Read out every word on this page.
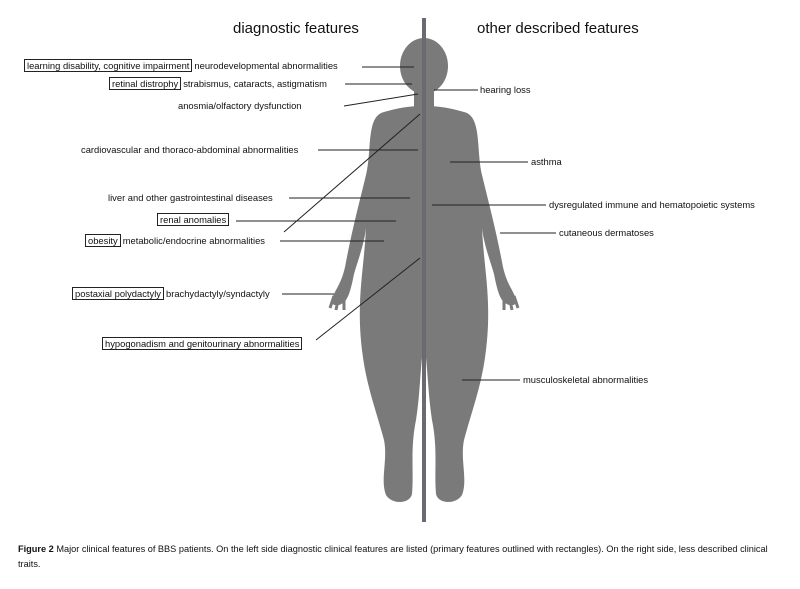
diagnostic features	other described features
learning disability, cognitive impairment neurodevelopmental abnormalities
retinal distrophy strabismus, cataracts, astigmatism
anosmia/olfactory dysfunction
cardiovascular and thoraco-abdominal abnormalities
liver and other gastrointestinal diseases
renal anomalies
obesity metabolic/endocrine abnormalities
postaxial polydactyly brachydactyly/syndactyly
hypogonadism and genitourinary abnormalities
hearing loss
asthma
dysregulated immune and hematopoietic systems
cutaneous dermatoses
musculoskeletal abnormalities
Figure 2 Major clinical features of BBS patients. On the left side diagnostic clinical features are listed (primary features outlined with rectangles). On the right side, less described clinical traits.
